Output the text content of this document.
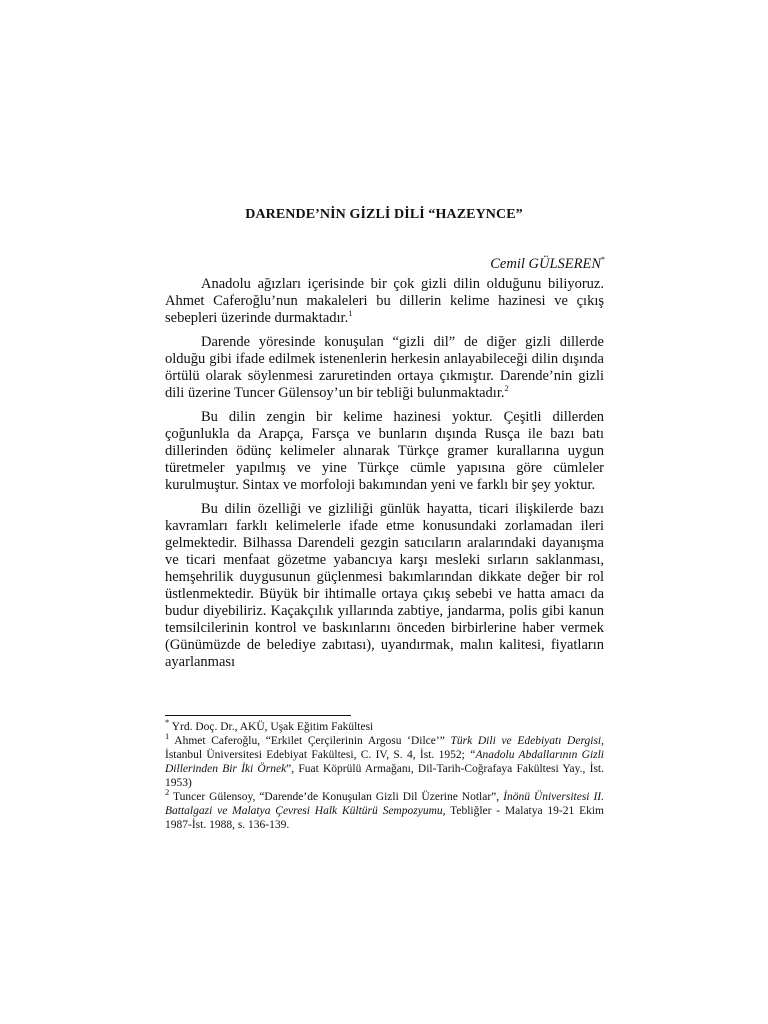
DARENDE’NİN GİZLİ DİLİ “HAZEYNCE”
Cemil GÜLSEREN*

Anadolu ağızları içerisinde bir çok gizli dilin olduğunu biliyoruz. Ahmet Caferoğlu’nun makaleleri bu dillerin kelime hazinesi ve çıkış sebepleri üzerinde durmaktadır.$^1$

Darende yöresinde konuşulan “gizli dil” de diğer gizli dillerde olduğu gibi ifade edilmek istenenlerin herkesin anlayabileceği dilin dışında örtülü olarak söylenmesi zaruretinden ortaya çıkmıştır. Darende’nin gizli dili üzerine Tuncer Gülensoy’un bir tebliği bulunmaktadır.$^2$

Bu dilin zengin bir kelime hazinesi yoktur. Çeşitli dillerden çoğunlukla da Arapça, Farsça ve bunların dışında Rusça ile bazı batı dillerinden ödünç kelimeler alınarak Türkçe gramer kurallarına uygun türetmeler yapılmış ve yine Türkçe cümle yapısına göre cümleler kurulmuştur. Sintax ve morfoloji bakımından yeni ve farklı bir şey yoktur.

Bu dilin özelliği ve gizliliği günlük hayatta, ticari ilişkilerde bazı kavramları farklı kelimelerle ifade etme konusundaki zorlamadan ileri gelmektedir. Bilhassa Darendeli gezgin satıcıların aralarındaki dayanışma ve ticari menfaat gözetme yabancıya karşı mesleki sırların saklanması, hemşehrilik duygusunun güçlenmesi bakımlarından dikkate değer bir rol üstlenmektedir. Büyük bir ihtimalle ortaya çıkış sebebi ve hatta amacı da budur diyebiliriz. Kaçakçılık yıllarında zabtiye, jandarma, polis gibi kanun temsilcilerinin kontrol ve baskınlarını önceden birbirlerine haber vermek (Günümüzde de belediye zabıtası), uyandırmak, malın kalitesi, fiyatların ayarlanması

* Yrd. Doç. Dr., AKÜ, Uşak Eğitim Fakültesi

$^1$ Ahmet Caferoğlu, “Erkilet Çerçilerinin Argosu ‘Dilce’” Türk Dili ve Edebiyatı Dergisi, İstanbul Üniversitesi Edebiyat Fakültesi, C. IV, S. 4, İst. 1952; “Anadolu Abdallarının Gizli Dillerinden Bir İki Örnek”, Fuat Köprülü Armağanı, Dil-Tarih-Coğrafaya Fakültesi Yay., İst. 1953)

$^2$ Tuncer Gülensoy, “Darende’de Konuşulan Gizli Dil Üzerine Notlar”, İnönü Üniversitesi II. Battalgazi ve Malatya Çevresi Halk Kültürü Sempozyumu, Tebliğler - Malatya 19-21 Ekim 1987-İst. 1988, s. 136-139.
